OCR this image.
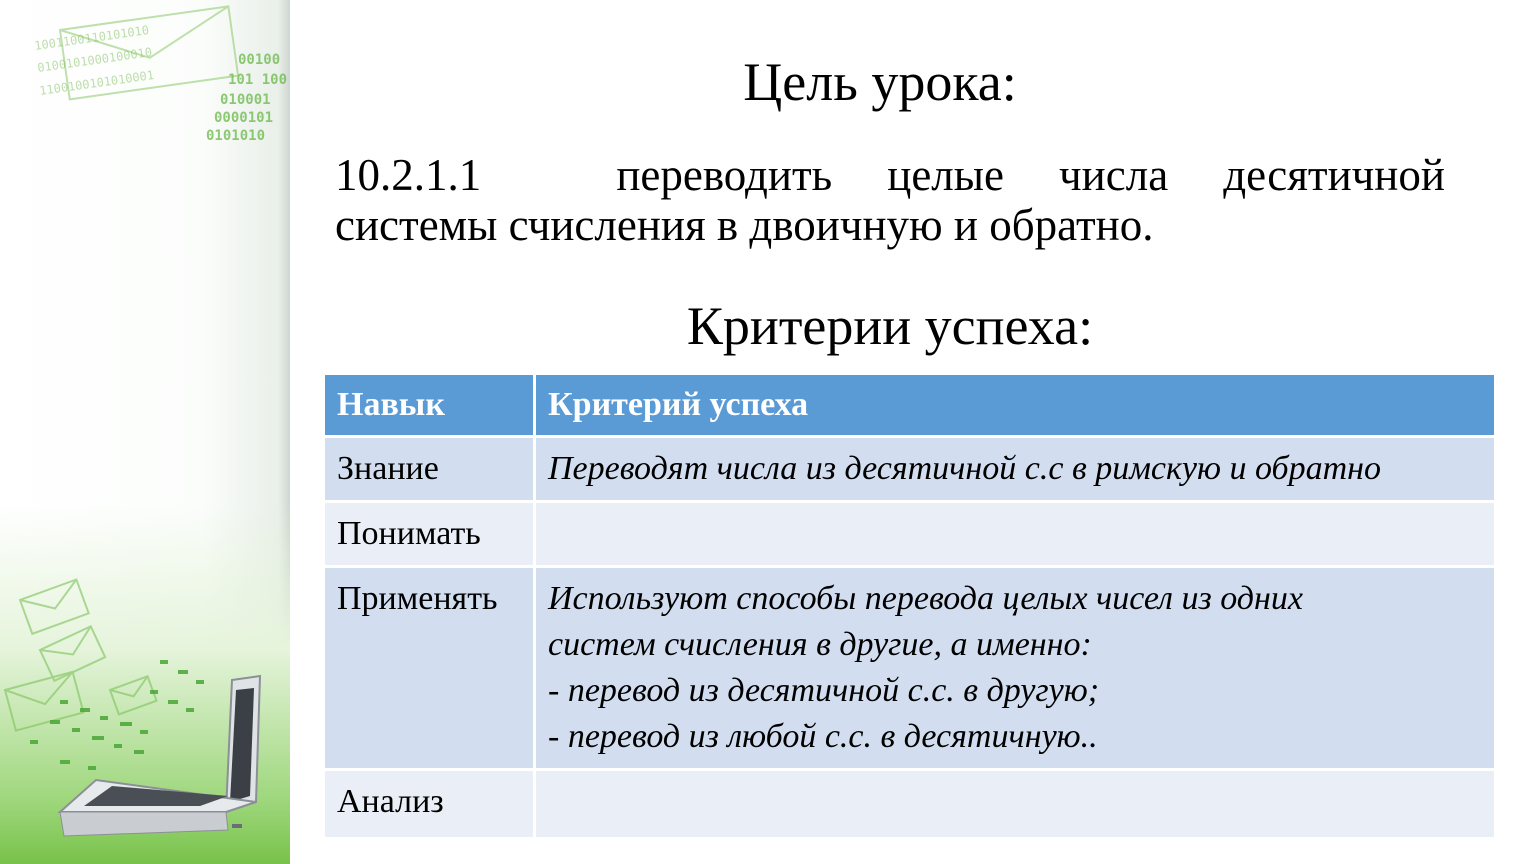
1001100110101010
0100101000100010
1100100101010001
00100
101 100
010001
0000101
0101010
Цель урока:
10.2.1.1	переводить целые числа десятичной
системы счисления в двоичную и обратно.
Критерии успеха:
Навык	Критерий успеха
Знание	Переводят числа из десятичной с.с в римскую и обратно

Понимать	
Применять	Используют способы перевода целых чисел из одних
систем счисления в другие, а именно:
- перевод из десятичной с.с. в другую;
- перевод из любой с.с. в десятичную..

Анализ	
